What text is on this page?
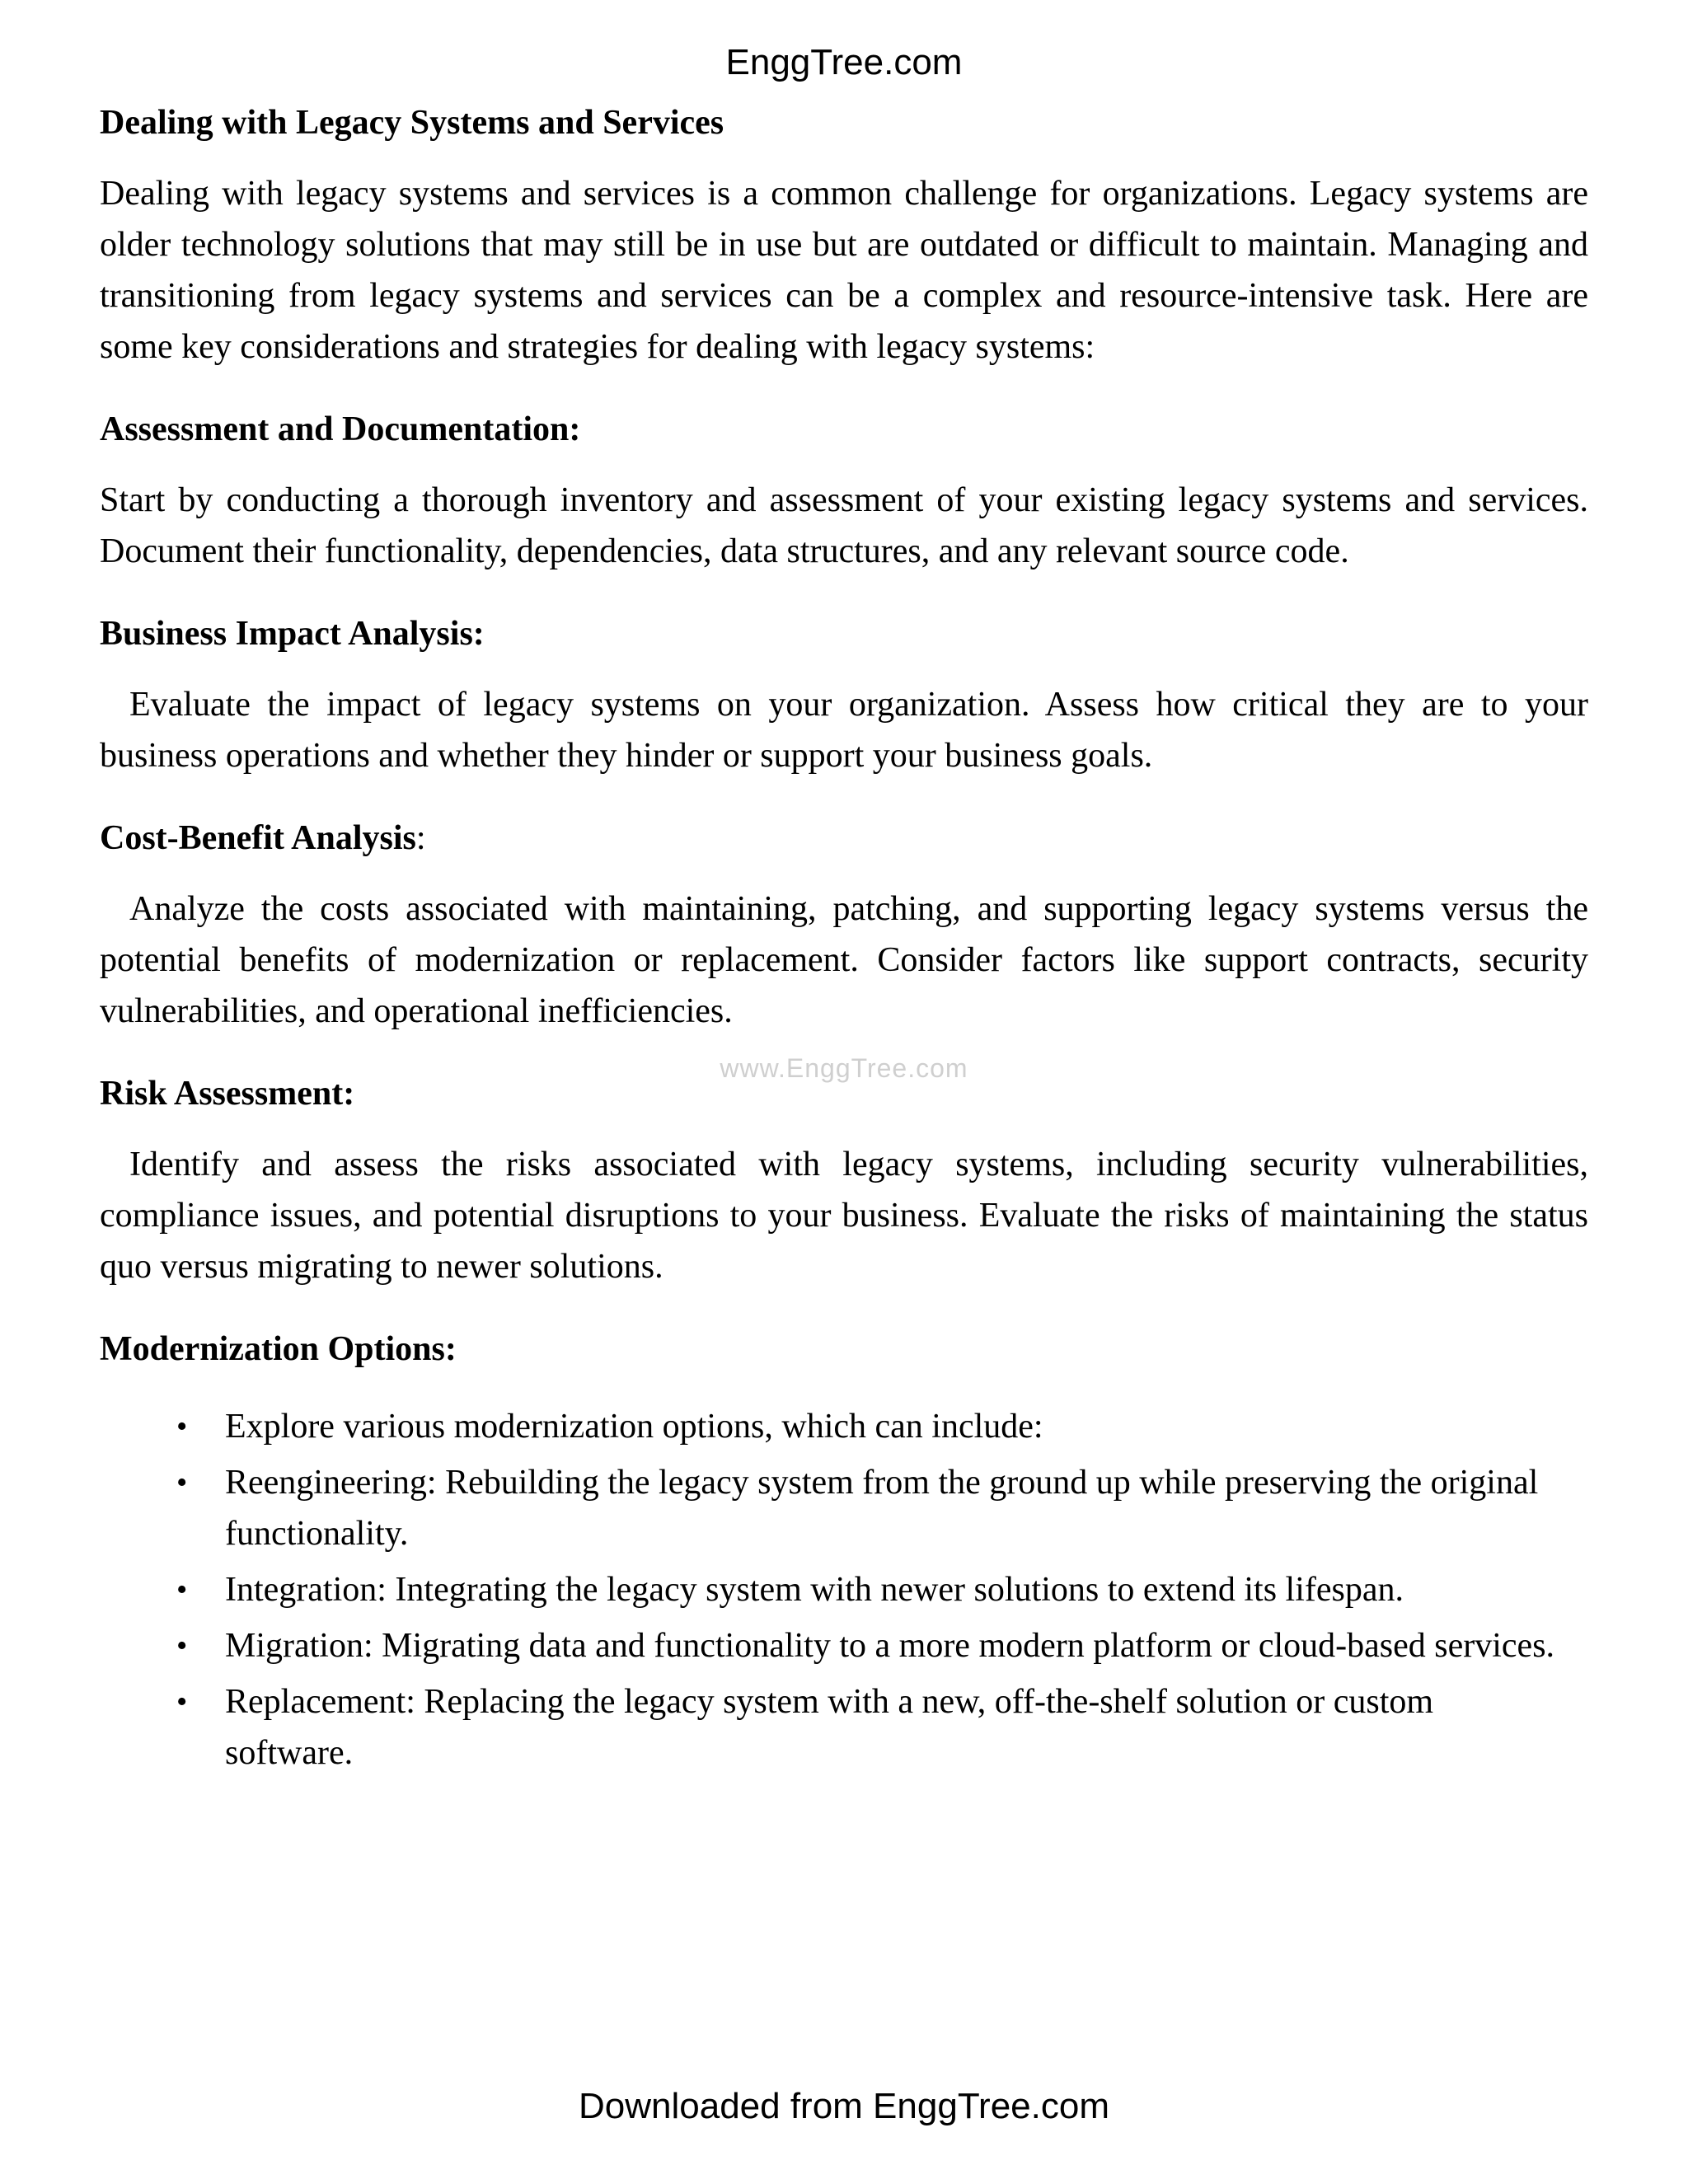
EnggTree.com
www.EnggTree.com
Dealing with Legacy Systems and Services

Dealing with legacy systems and services is a common challenge for organizations. Legacy systems are older technology solutions that may still be in use but are outdated or difficult to maintain. Managing and transitioning from legacy systems and services can be a complex and resource-intensive task. Here are some key considerations and strategies for dealing with legacy systems:

Assessment and Documentation:

Start by conducting a thorough inventory and assessment of your existing legacy systems and services. Document their functionality, dependencies, data structures, and any relevant source code.

Business Impact Analysis:

Evaluate the impact of legacy systems on your organization. Assess how critical they are to your business operations and whether they hinder or support your business goals.

Cost-Benefit Analysis:

Analyze the costs associated with maintaining, patching, and supporting legacy systems versus the potential benefits of modernization or replacement. Consider factors like support contracts, security vulnerabilities, and operational inefficiencies.

Risk Assessment:

Identify and assess the risks associated with legacy systems, including security vulnerabilities, compliance issues, and potential disruptions to your business. Evaluate the risks of maintaining the status quo versus migrating to newer solutions.

Modernization Options:
• Explore various modernization options, which can include:
• Reengineering: Rebuilding the legacy system from the ground up while preserving the original functionality.
• Integration: Integrating the legacy system with newer solutions to extend its lifespan.
• Migration: Migrating data and functionality to a more modern platform or cloud-based services.
• Replacement: Replacing the legacy system with a new, off-the-shelf solution or custom software.
Downloaded from EnggTree.com
